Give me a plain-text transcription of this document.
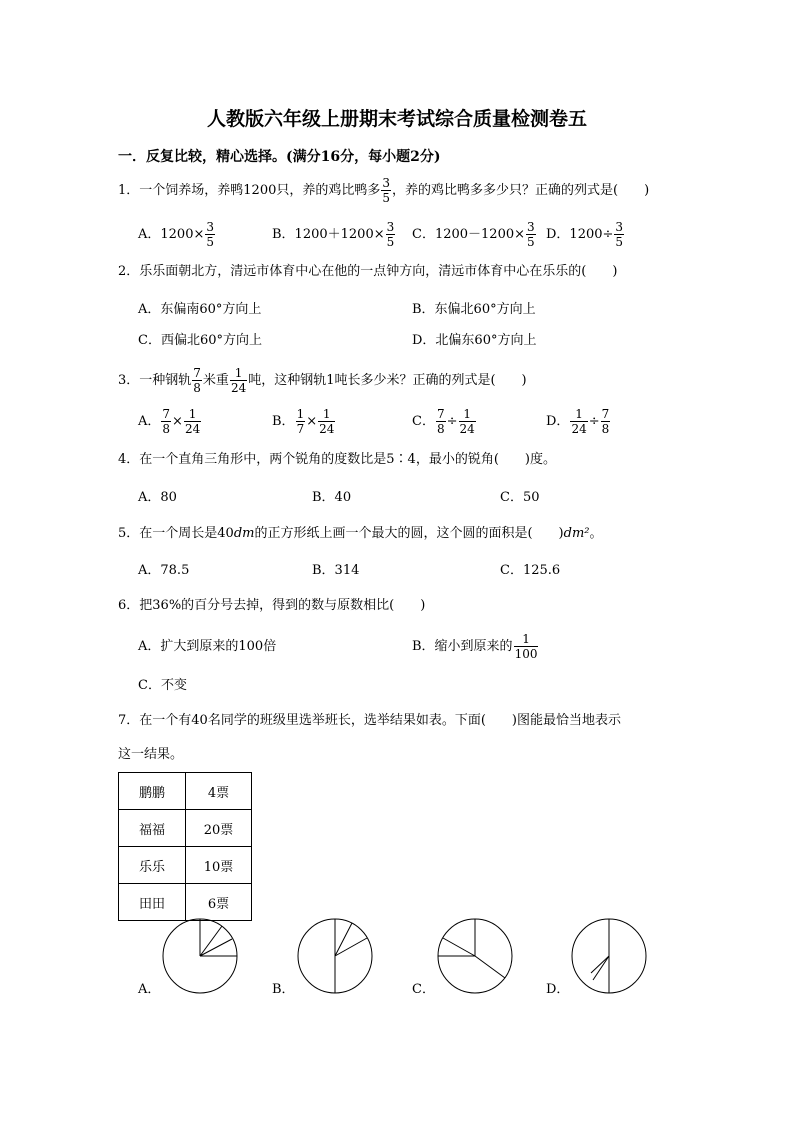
人教版六年级上册期末考试综合质量检测卷五
一．反复比较，精心选择。(满分16分，每小题2分)
1．一个饲养场，养鸭1200只，养的鸡比鸭多 $\frac{3}{5}$ ，养的鸡比鸭多多少只？正确的列式是(　　)
A．$1200\times \frac{3}{5}$	B．$1200+1200\times \frac{3}{5}$ C．$1200-1200\times \frac{3}{5}$ D．$1200\div \frac{3}{5}$
2．乐乐面朝北方，清远市体育中心在他的一点钟方向，清远市体育中心在乐乐的(　　)
A．东偏南60°方向上	B．东偏北60°方向上
C．西偏北60°方向上	D．北偏东60°方向上
3．一种钢轨 $\frac{7}{8}$ 米重 $\frac{1}{24}$ 吨，这种钢轨1吨长多少米？正确的列式是(　　)
A． $\frac{7}{8} \times \frac{1}{24}$	B． $\frac{1}{7} \times \frac{1}{24}$	C． $\frac{7}{8} \div \frac{1}{24}$	D． $\frac{1}{24} \div \frac{7}{8}$
4．在一个直角三角形中，两个锐角的度数比是5∶4，最小的锐角(　　)度。
A．80	B．40	C．50
5．在一个周长是40dm的正方形纸上画一个最大的圆，这个圆的面积是(　　)dm²。
A．78.5	B．314	C．125.6
6．把36%的百分号去掉，得到的数与原数相比(　　)
A．扩大到原来的100倍	B．缩小到原来的 $\frac{1}{100}$
C．不变
7．在一个有40名同学的班级里选举班长，选举结果如表。下面(　　)图能最恰当地表示
这一结果。
鹏鹏	4票
福福	20票
乐乐	10票
田田	6票
A．	B．	C．	D．
